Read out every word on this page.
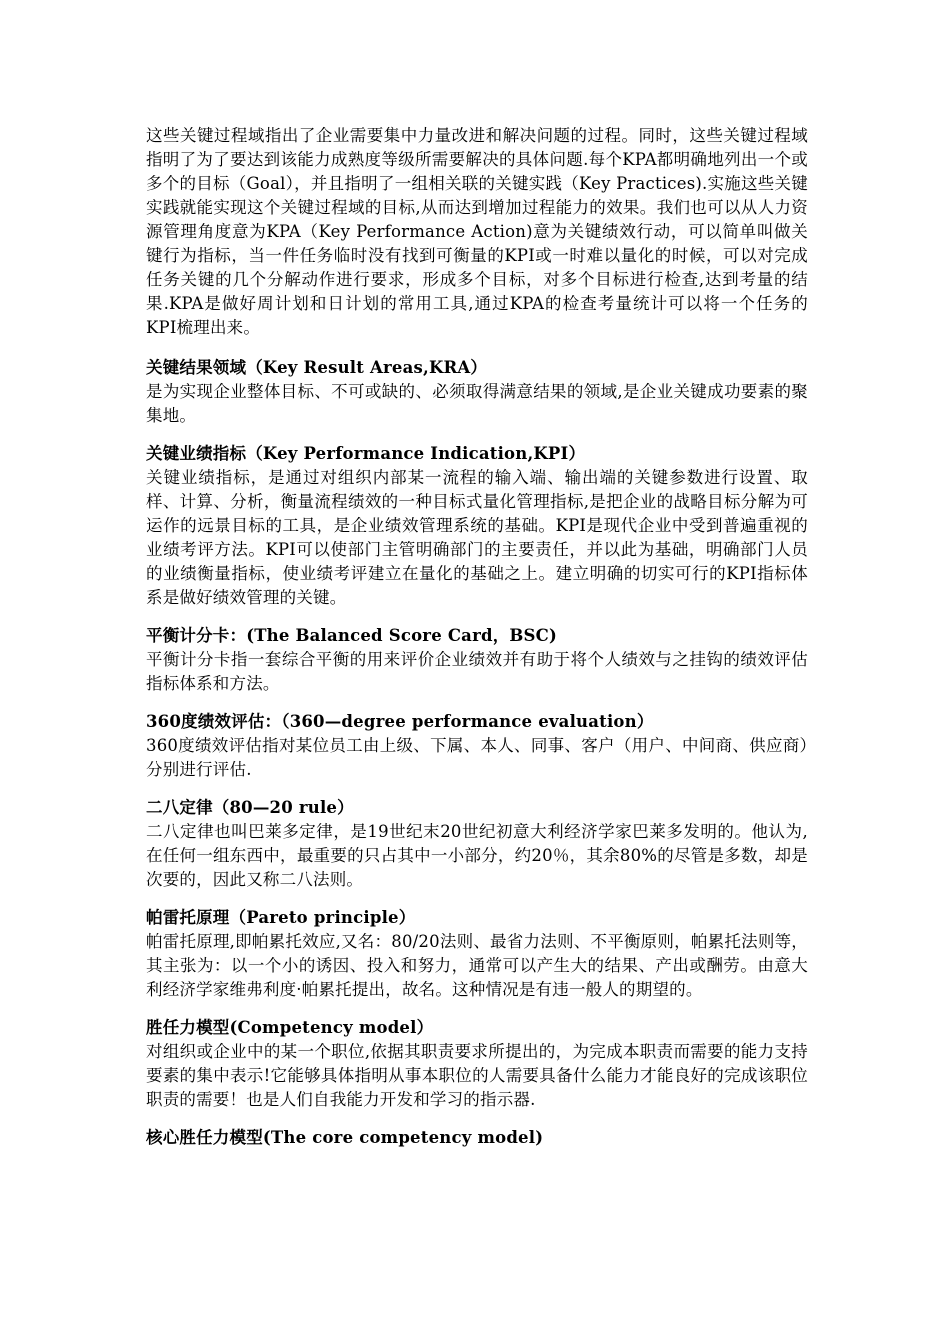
这些关键过程域指出了企业需要集中力量改进和解决问题的过程。同时，这些关键过程域指明了为了要达到该能力成熟度等级所需要解决的具体问题.每个KPA都明确地列出一个或多个的目标（Goal），并且指明了一组相关联的关键实践（Key Practices).实施这些关键实践就能实现这个关键过程域的目标,从而达到增加过程能力的效果。我们也可以从人力资源管理角度意为KPA（Key Performance Action)意为关键绩效行动，可以简单叫做关键行为指标，当一件任务临时没有找到可衡量的KPI或一时难以量化的时候，可以对完成任务关键的几个分解动作进行要求，形成多个目标，对多个目标进行检查,达到考量的结果.KPA是做好周计划和日计划的常用工具,通过KPA的检查考量统计可以将一个任务的 KPI梳理出来。

关键结果领域（Key Result Areas,KRA）

是为实现企业整体目标、不可或缺的、必须取得满意结果的领域,是企业关键成功要素的聚集地。

关键业绩指标（Key Performance Indication,KPI）

关键业绩指标，是通过对组织内部某一流程的输入端、输出端的关键参数进行设置、取样、计算、分析，衡量流程绩效的一种目标式量化管理指标,是把企业的战略目标分解为可运作的远景目标的工具，是企业绩效管理系统的基础。KPI是现代企业中受到普遍重视的业绩考评方法。KPI可以使部门主管明确部门的主要责任，并以此为基础，明确部门人员的业绩衡量指标，使业绩考评建立在量化的基础之上。建立明确的切实可行的KPI指标体系是做好绩效管理的关键。

平衡计分卡：(The Balanced Score Card，BSC)

平衡计分卡指一套综合平衡的用来评价企业绩效并有助于将个人绩效与之挂钩的绩效评估指标体系和方法。

360度绩效评估：（360—degree performance evaluation）

360度绩效评估指对某位员工由上级、下属、本人、同事、客户（用户、中间商、供应商）分别进行评估.

二八定律（80—20 rule）

二八定律也叫巴莱多定律，是19世纪末20世纪初意大利经济学家巴莱多发明的。他认为,在任何一组东西中，最重要的只占其中一小部分，约20％，其余80%的尽管是多数，却是次要的，因此又称二八法则。

帕雷托原理（Pareto principle）

帕雷托原理,即帕累托效应,又名：80/20法则、最省力法则、不平衡原则，帕累托法则等，其主张为：以一个小的诱因、投入和努力，通常可以产生大的结果、产出或酬劳。由意大利经济学家维弗利度·帕累托提出，故名。这种情况是有违一般人的期望的。

胜任力模型(Competency model）

对组织或企业中的某一个职位,依据其职责要求所提出的，为完成本职责而需要的能力支持要素的集中表示!它能够具体指明从事本职位的人需要具备什么能力才能良好的完成该职位职责的需要！也是人们自我能力开发和学习的指示器.

核心胜任力模型(The core competency model)
